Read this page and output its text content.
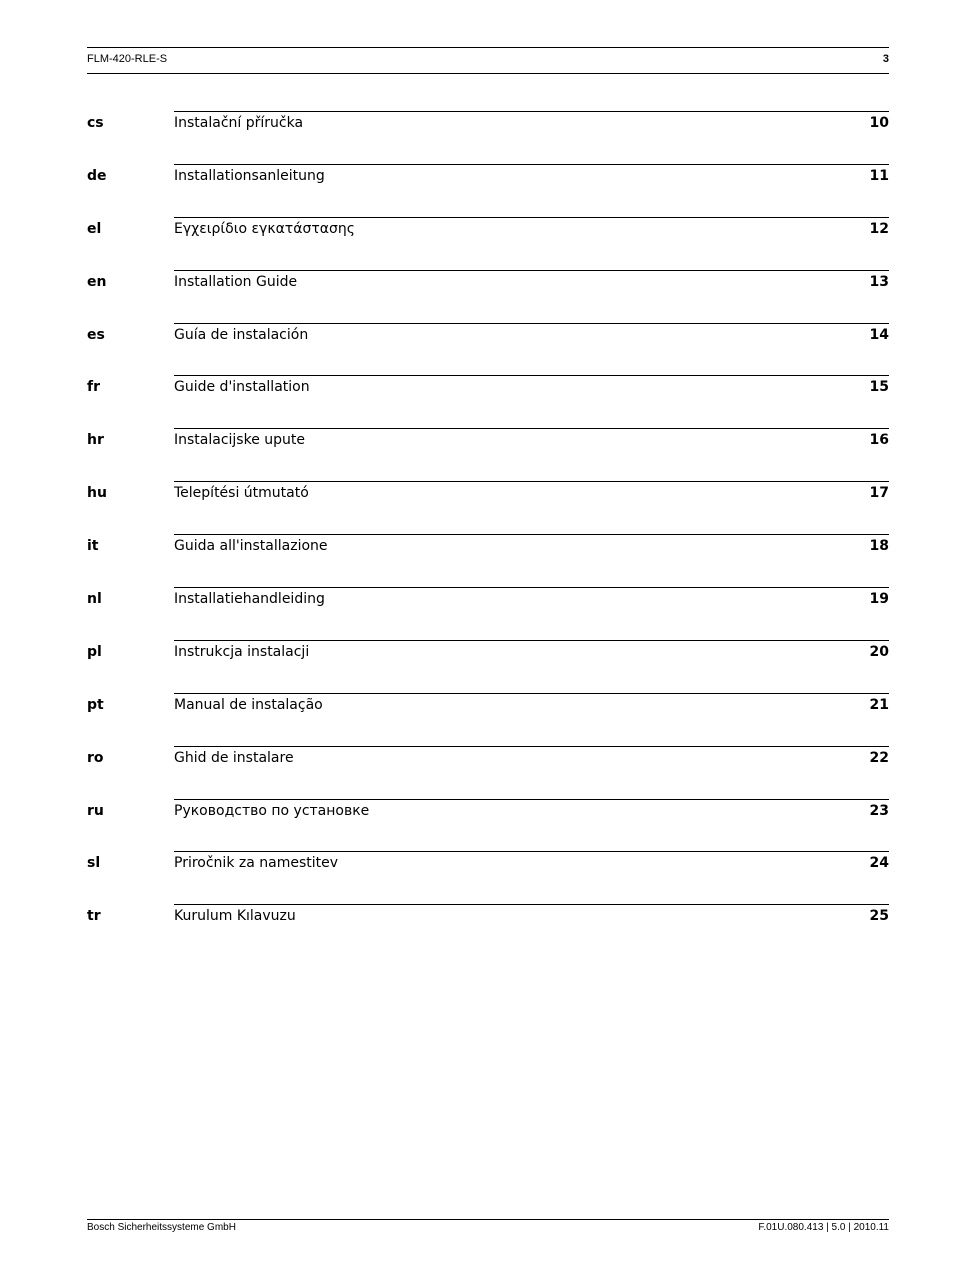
FLM-420-RLE-S	3
cs	Instalační příručka	10
de	Installationsanleitung	11
el	Εγχειρίδιο εγκατάστασης	12
en	Installation Guide	13
es	Guía de instalación	14
fr	Guide d'installation	15
hr	Instalacijske upute	16
hu	Telepítési útmutató	17
it	Guida all'installazione	18
nl	Installatiehandleiding	19
pl	Instrukcja instalacji	20
pt	Manual de instalação	21
ro	Ghid de instalare	22
ru	Руководство по установке	23
sl	Priročnik za namestitev	24
tr	Kurulum Kılavuzu	25
Bosch Sicherheitssysteme GmbH	F.01U.080.413 | 5.0 | 2010.11
